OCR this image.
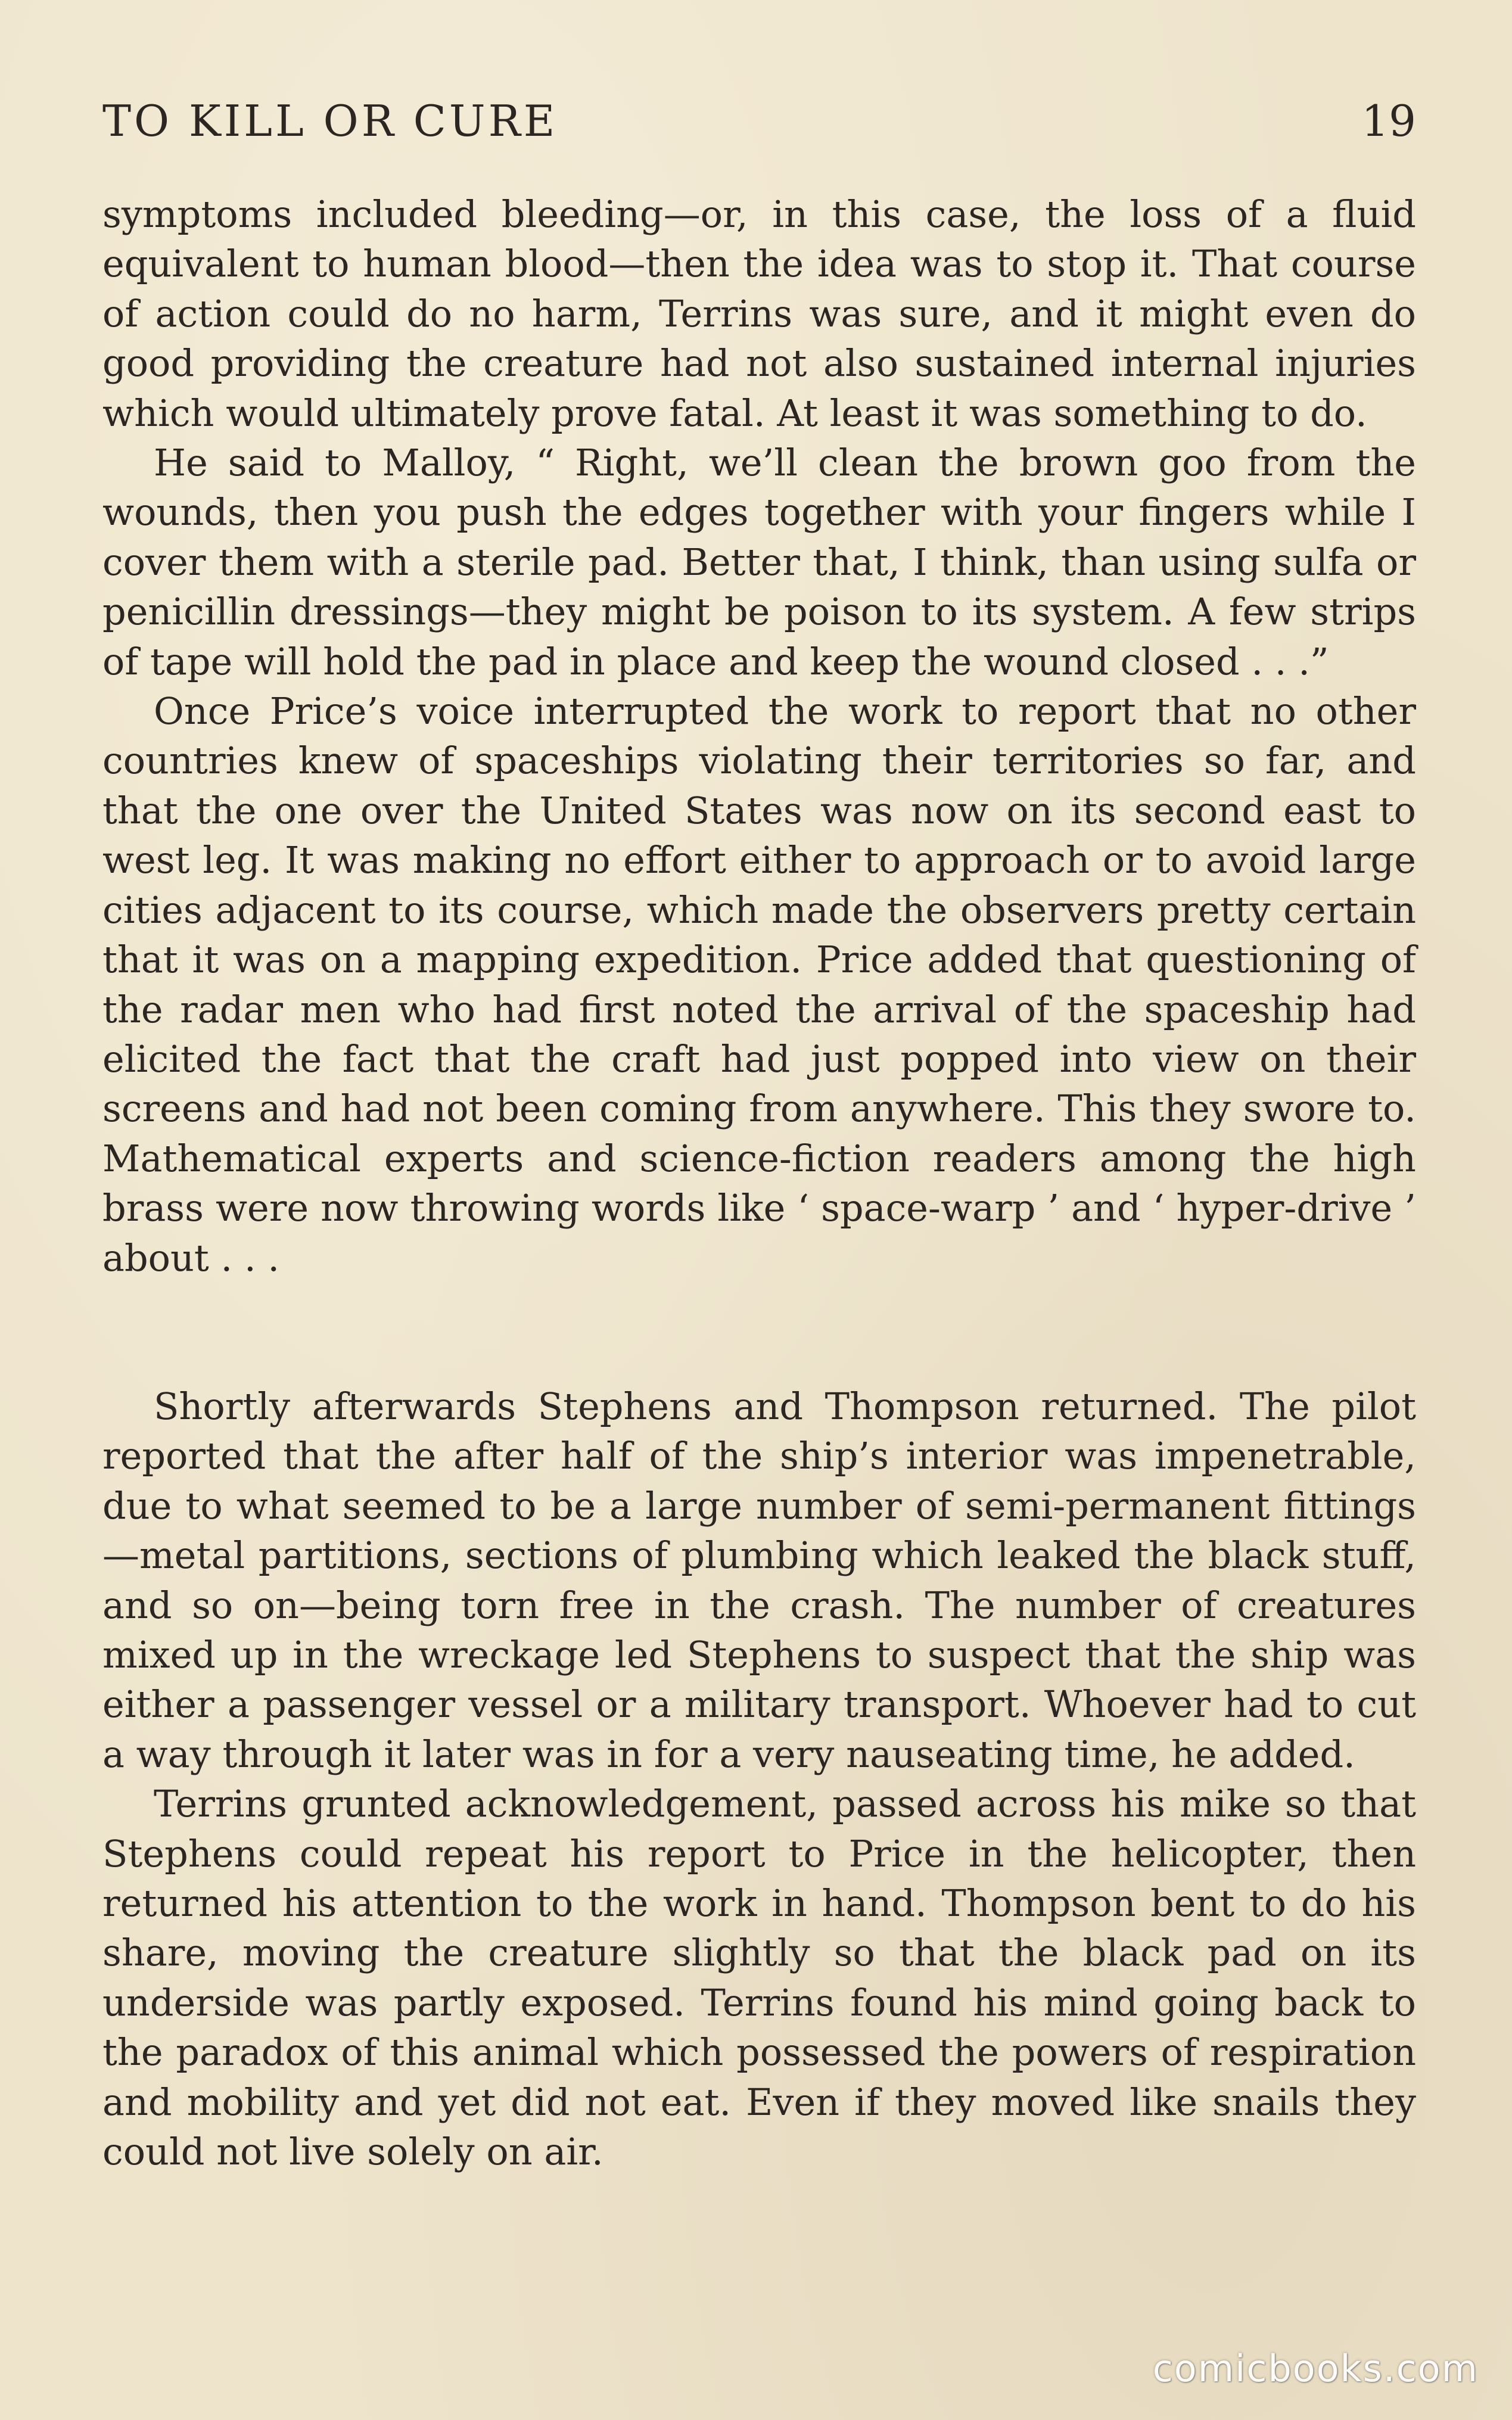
TO KILL OR CURE	19

symptoms included bleeding—or, in this case, the loss of a fluid equivalent to human blood—then the idea was to stop it. That course of action could do no harm, Terrins was sure, and it might even do good providing the creature had not also sustained internal injuries which would ultimately prove fatal. At least it was something to do.

He said to Malloy, “ Right, we’ll clean the brown goo from the wounds, then you push the edges together with your fingers while I cover them with a sterile pad. Better that, I think, than using sulfa or penicillin dressings—they might be poison to its system. A few strips of tape will hold the pad in place and keep the wound closed . . .”

Once Price’s voice interrupted the work to report that no other countries knew of spaceships violating their territories so far, and that the one over the United States was now on its second east to west leg. It was making no effort either to approach or to avoid large cities adjacent to its course, which made the observers pretty certain that it was on a mapping expedition. Price added that questioning of the radar men who had first noted the arrival of the spaceship had elicited the fact that the craft had just popped into view on their screens and had not been coming from anywhere. This they swore to. Mathematical experts and science-fiction readers among the high brass were now throwing words like ‘ space-warp ’ and ‘ hyper-drive ’ about . . .

Shortly afterwards Stephens and Thompson returned. The pilot reported that the after half of the ship’s interior was impenetrable, due to what seemed to be a large number of semi-permanent fittings—metal partitions, sections of plumbing which leaked the black stuff, and so on—being torn free in the crash. The number of creatures mixed up in the wreckage led Stephens to suspect that the ship was either a passenger vessel or a military transport. Whoever had to cut a way through it later was in for a very nauseating time, he added.

Terrins grunted acknowledgement, passed across his mike so that Stephens could repeat his report to Price in the helicopter, then returned his attention to the work in hand. Thompson bent to do his share, moving the creature slightly so that the black pad on its underside was partly exposed. Terrins found his mind going back to the paradox of this animal which possessed the powers of respiration and mobility and yet did not eat. Even if they moved like snails they could not live solely on air.

comicbooks.com
